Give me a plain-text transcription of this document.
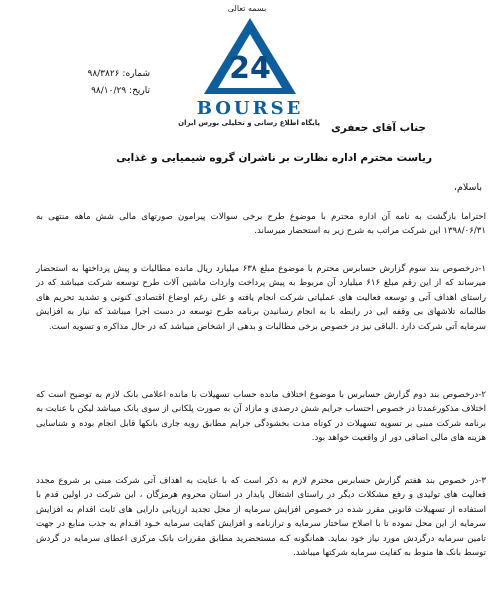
بسمه تعالی
شماره: ۹۸/۳۸۲۶
تاریخ: ۹۸/۱۰/۲۹
24
BOURSE
پایگاه اطلاع رسانی و تحلیلی بورس ایران جناب آقای جعفری
ریاست محترم اداره نظارت بر ناشران گروه شیمیایی و غذایی
باسلام،

احتراما بازگشت به نامه آن اداره محترم با موضوع طرح برخی سوالات پیرامون صورتهای مالی شش ماهه منتهی به ۱۳۹۸/۰۶/۳۱ این شرکت مراتب به شرح زیر به استحضار میرساند.

۱-درخصوص بند سوم گزارش حسابرس محترم با موضوع مبلغ ۶۳۸ میلیارد ریال مانده مطالبات و پیش پرداختها به استحضار میرساند که از این رقم مبلغ ۶۱۶ میلیارد آن مربوط به پیش پرداخت واردات ماشین آلات طرح توسعه شرکت میباشد که در راستای اهداف آتی و توسعه فعالیت های عملیاتی شرکت انجام یافته و علی رغم اوضاع اقتصادی کنونی و تشدید تحریم های ظالمانه تلاشهای بی وقفه ایی در رابطه با به انجام رسانیدن برنامه طرح توسعه در دست اجرا میباشد که نیاز به افزایش سرمایه آتی شرکت دارد .الباقی نیز در خصوص برخی مطالبات و بدهی از اشخاص میباشد که در حال مذاکره و تسویه است.

۲-درخصوص بند دوم گزارش حسابرس با موضوع اختلاف مانده حساب تسهیلات با مانده اعلامی بانک لازم به توضیح است که اختلاف مذکورعمدتا در خصوص احتساب جرایم شش درصدی و مازاد آن به صورت پلکانی از سوی بانک میباشد لیکن با عنایت به برنامه شرکت مبنی بر تسویه تسهیلات در کوتاه مدت بخشودگی جرایم مطابق رویه جاری بانکها قابل انجام بوده و شناسایی هزینه های مالی اضافی دور از واقعیت خواهد بود.

۳-در خصوص بند هفتم گزارش حسابرس محترم لازم به ذکر است که با عنایت به اهداف آتی شرکت مبنی بر شروع مجدد فعالیت های تولیدی و رفع مشکلات دیگر در راستای اشتغال پایدار در استان محروم هرمزگان ، این شرکت در اولین قدم با استفاده از تسهیلات قانونی مقرر شده در خصوص افزایش سرمایه از محل تجدید ارزیابی دارایی های ثابت اقدام به افزایش سرمایه از این محل نموده تا با اصلاح ساختار سرمایه و ترازنامه و افزایش کفایت سرمایه خـود اقـدام به جذب منابع در جهت تامین سرمایه درگردش مورد نیاز خود نماید. همانگونه کـه مستحضرید مطابق مقررات بانک مرکزی اعطای سرمایه در گردش توسط بانک ها منوط به کفایت سرمایه شرکتها میباشد.
